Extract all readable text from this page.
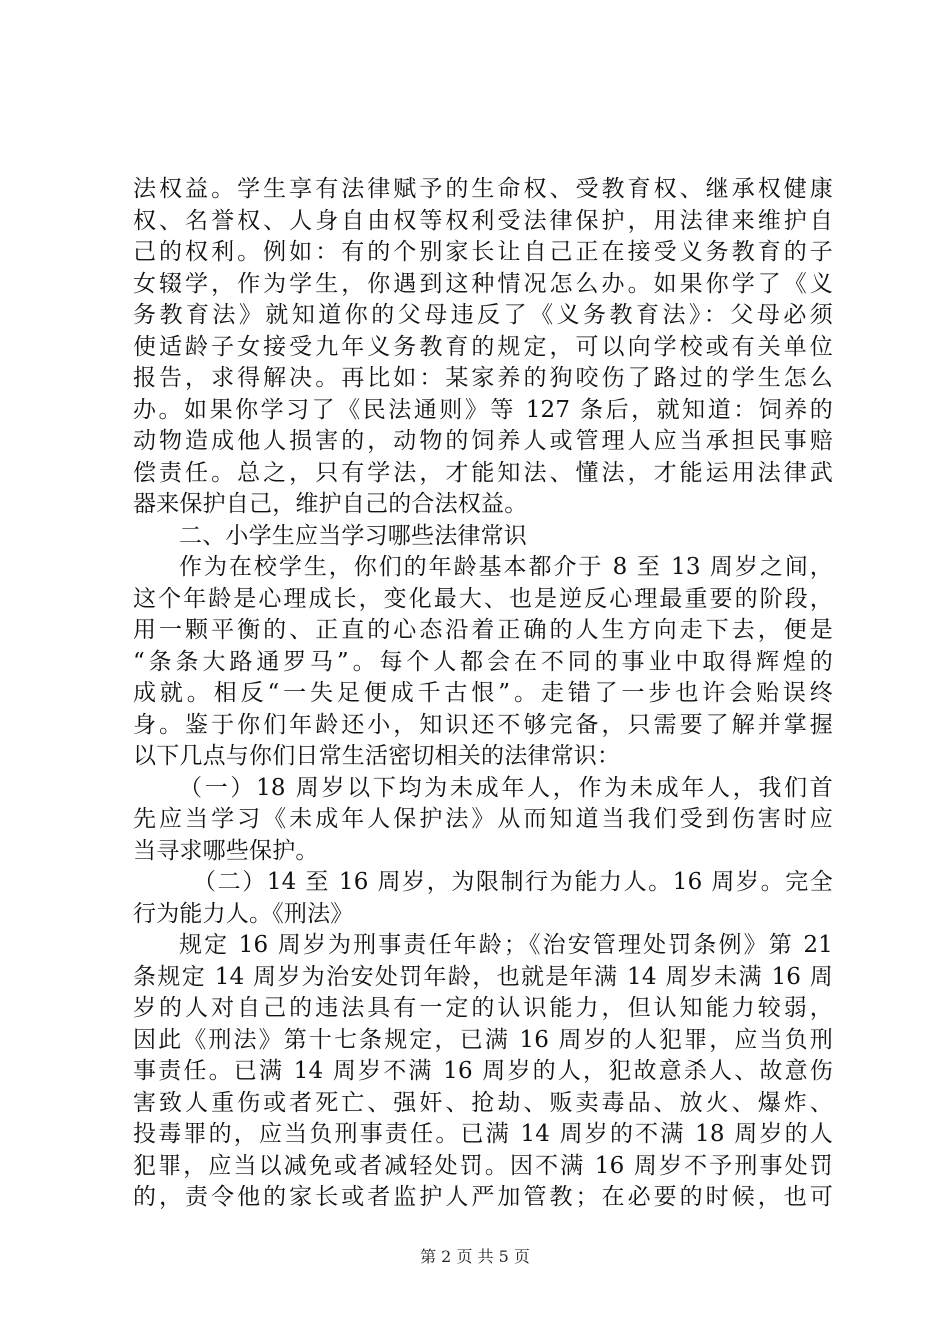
法权益。学生享有法律赋予的生命权、受教育权、继承权健康
权、名誉权、人身自由权等权利受法律保护，用法律来维护自
己的权利。例如：有的个别家长让自己正在接受义务教育的子
女辍学，作为学生，你遇到这种情况怎么办。如果你学了《义
务教育法》就知道你的父母违反了《义务教育法》：父母必须
使适龄子女接受九年义务教育的规定，可以向学校或有关单位
报告，求得解决。再比如：某家养的狗咬伤了路过的学生怎么
办。如果你学习了《民法通则》等 127 条后，就知道：饲养的
动物造成他人损害的，动物的饲养人或管理人应当承担民事赔
偿责任。总之，只有学法，才能知法、懂法，才能运用法律武
器来保护自己，维护自己的合法权益。
二、小学生应当学习哪些法律常识
作为在校学生，你们的年龄基本都介于 8 至 13 周岁之间，
这个年龄是心理成长，变化最大、也是逆反心理最重要的阶段，
用一颗平衡的、正直的心态沿着正确的人生方向走下去，便是
“条条大路通罗马”。每个人都会在不同的事业中取得辉煌的
成就。相反“一失足便成千古恨”。走错了一步也许会贻误终
身。鉴于你们年龄还小，知识还不够完备，只需要了解并掌握
以下几点与你们日常生活密切相关的法律常识：
（一）18 周岁以下均为未成年人，作为未成年人，我们首
先应当学习《未成年人保护法》从而知道当我们受到伤害时应
当寻求哪些保护。
（二）14 至 16 周岁，为限制行为能力人。16 周岁。完全
行为能力人。《刑法》
规定 16 周岁为刑事责任年龄；《治安管理处罚条例》第 21
条规定 14 周岁为治安处罚年龄，也就是年满 14 周岁未满 16 周
岁的人对自己的违法具有一定的认识能力，但认知能力较弱，
因此《刑法》第十七条规定，已满 16 周岁的人犯罪，应当负刑
事责任。已满 14 周岁不满 16 周岁的人，犯故意杀人、故意伤
害致人重伤或者死亡、强奸、抢劫、贩卖毒品、放火、爆炸、
投毒罪的，应当负刑事责任。已满 14 周岁的不满 18 周岁的人
犯罪，应当以减免或者减轻处罚。因不满 16 周岁不予刑事处罚
的，责令他的家长或者监护人严加管教；在必要的时候，也可
第 2 页 共 5 页
